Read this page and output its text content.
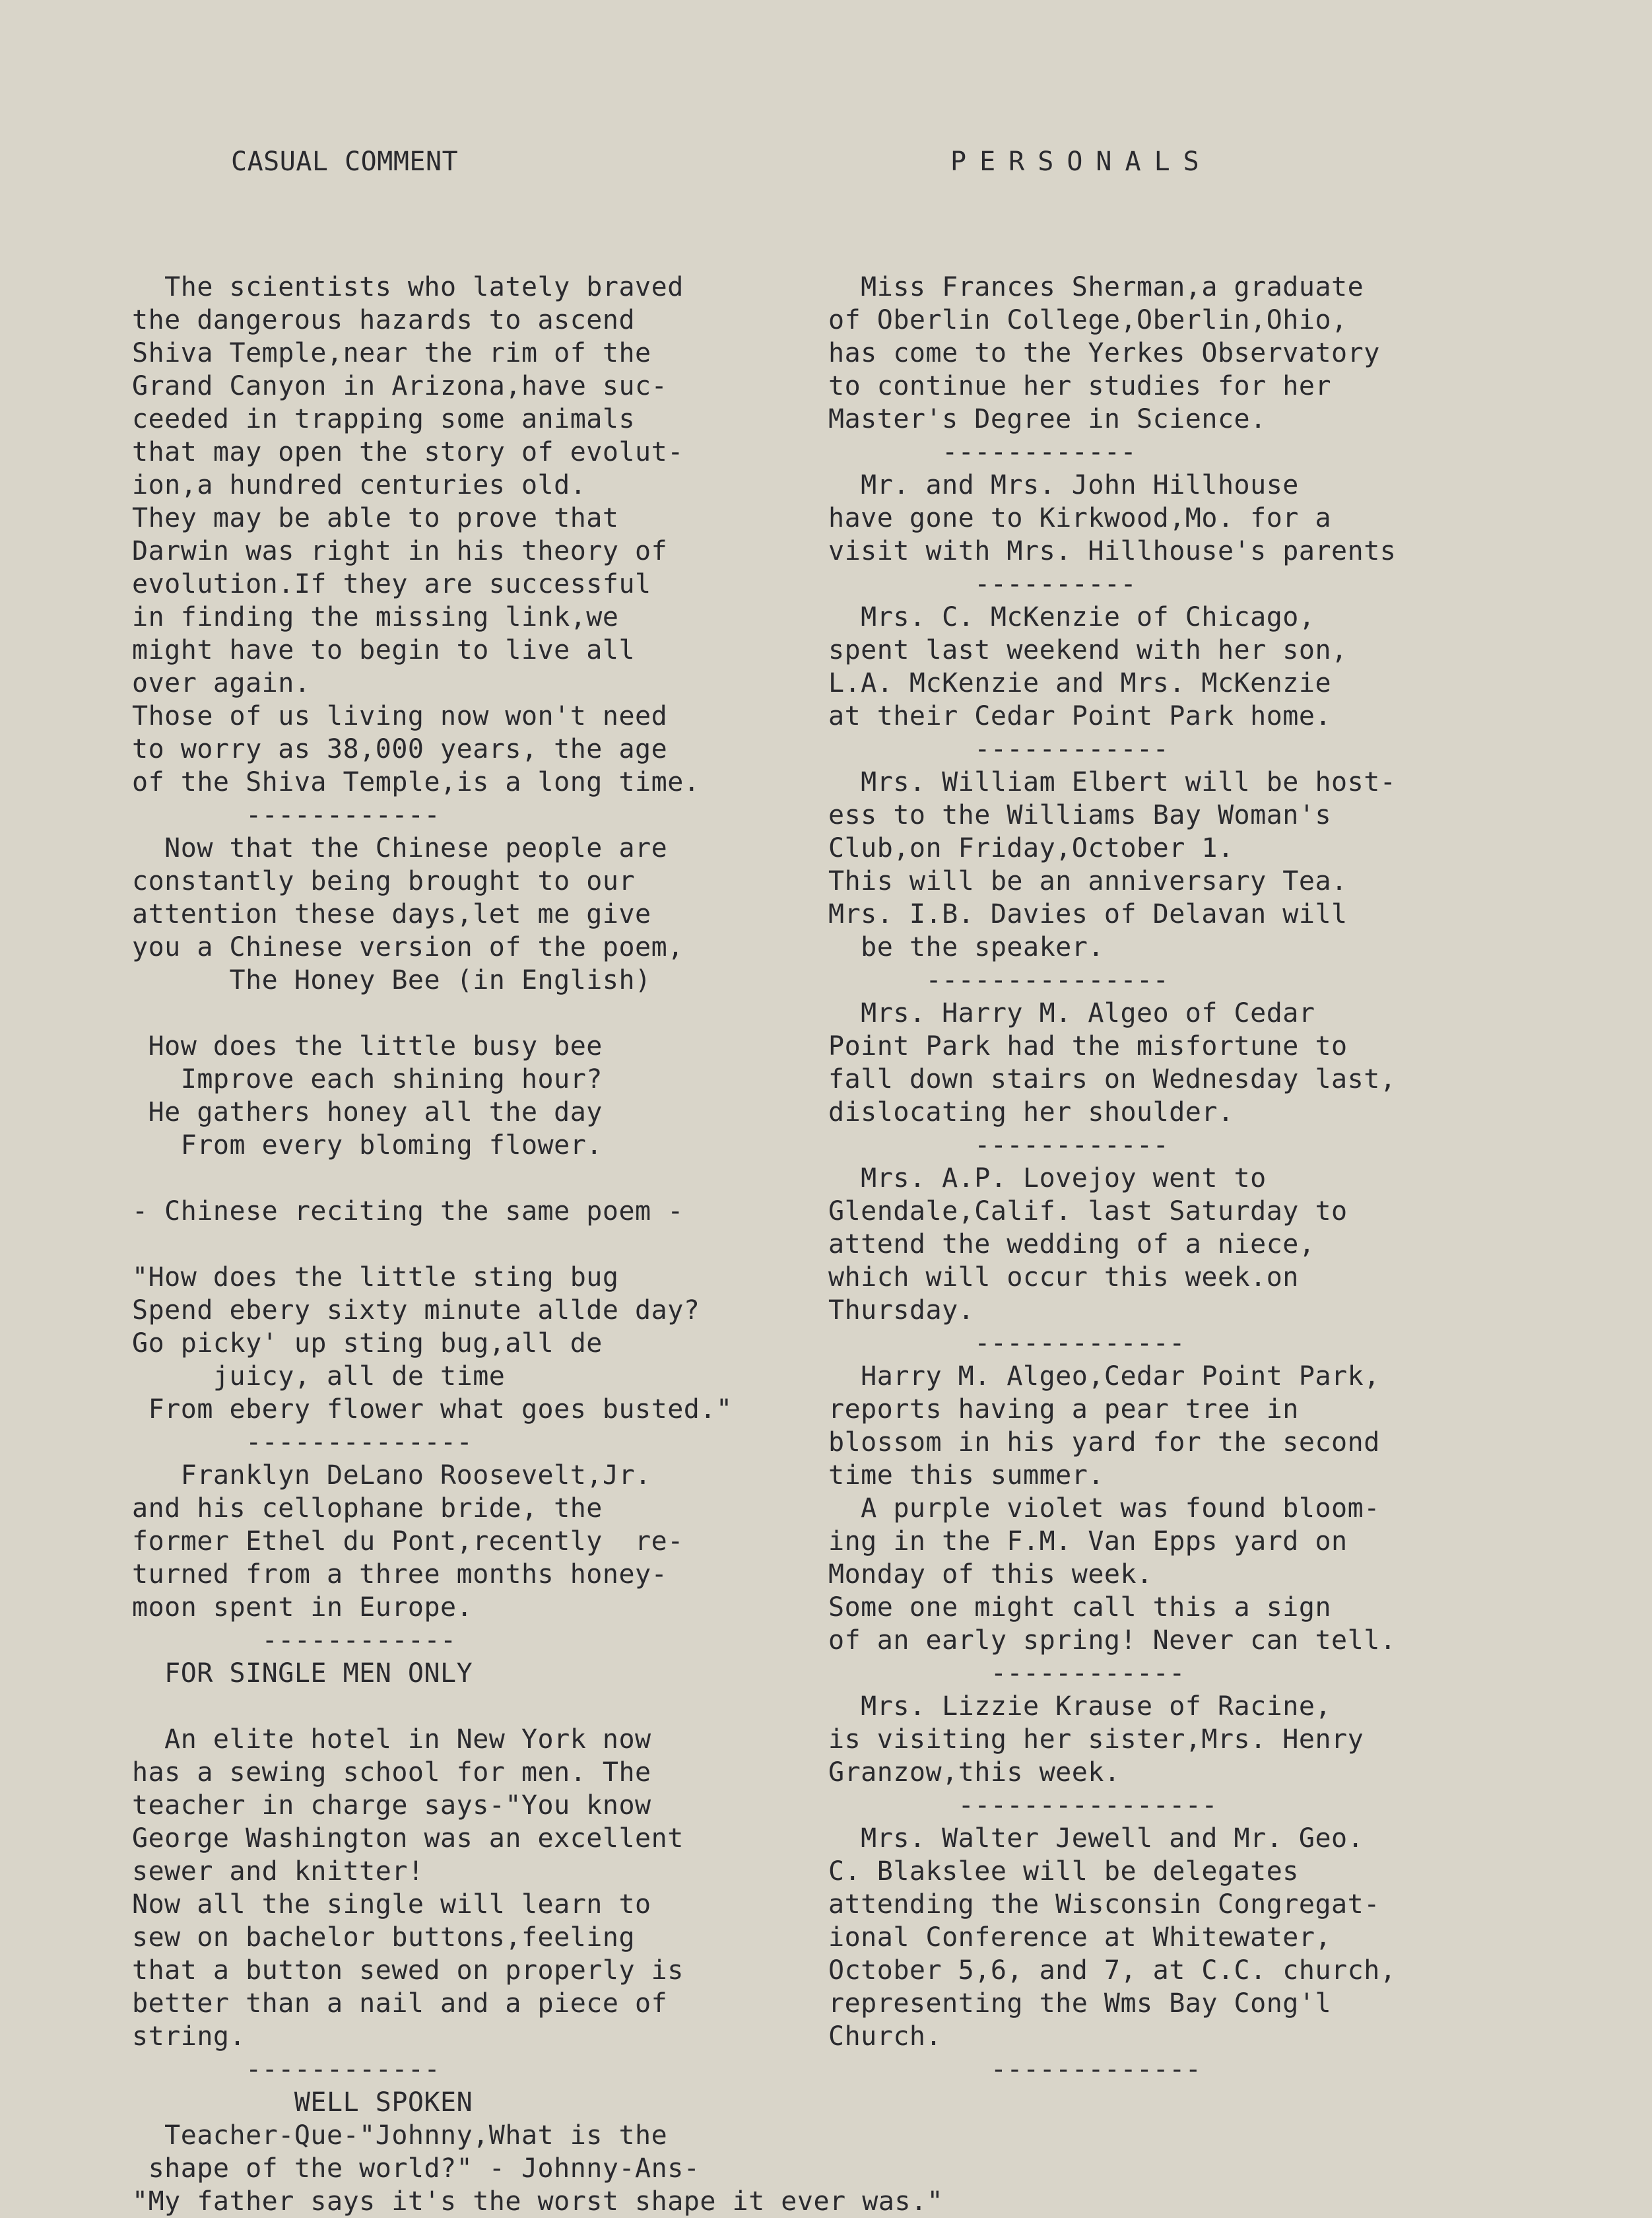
CASUAL COMMENT

The scientists who lately braved
the dangerous hazards to ascend
Shiva Temple,near the rim of the
Grand Canyon in Arizona,have suc-
ceeded in trapping some animals
that may open the story of evolut-
ion,a hundred centuries old.
They may be able to prove that
Darwin was right in his theory of
evolution.If they are successful
in finding the missing link,we
might have to begin to live all
over again.
Those of us living now won't need
to worry as 38,000 years, the age
of the Shiva Temple,is a long time.
------------
Now that the Chinese people are
constantly being brought to our
attention these days,let me give
you a Chinese version of the poem,
The Honey Bee (in English)

How does the little busy bee
Improve each shining hour?
He gathers honey all the day
From every bloming flower.

- Chinese reciting the same poem -

"How does the little sting bug
Spend ebery sixty minute allde day?
Go picky' up sting bug,all de
juicy, all de time
From ebery flower what goes busted."
--------------
Franklyn DeLano Roosevelt,Jr.
and his cellophane bride, the
former Ethel du Pont,recently  re-
turned from a three months honey-
moon spent in Europe.
------------
FOR SINGLE MEN ONLY

An elite hotel in New York now
has a sewing school for men. The
teacher in charge says-"You know
George Washington was an excellent
sewer and knitter!
Now all the single will learn to
sew on bachelor buttons,feeling
that a button sewed on properly is
better than a nail and a piece of
string.
------------
WELL SPOKEN
Teacher-Que-"Johnny,What is the
shape of the world?" - Johnny-Ans-
"My father says it's the worst shape it ever was."

PERSONALS

Miss Frances Sherman,a graduate
of Oberlin College,Oberlin,Ohio,
has come to the Yerkes Observatory
to continue her studies for her
Master's Degree in Science.
------------
Mr. and Mrs. John Hillhouse
have gone to Kirkwood,Mo. for a
visit with Mrs. Hillhouse's parents
----------
Mrs. C. McKenzie of Chicago,
spent last weekend with her son,
L.A. McKenzie and Mrs. McKenzie
at their Cedar Point Park home.
------------
Mrs. William Elbert will be host-
ess to the Williams Bay Woman's
Club,on Friday,October 1.
This will be an anniversary Tea.
Mrs. I.B. Davies of Delavan will
be the speaker.
---------------
Mrs. Harry M. Algeo of Cedar
Point Park had the misfortune to
fall down stairs on Wednesday last,
dislocating her shoulder.
------------
Mrs. A.P. Lovejoy went to
Glendale,Calif. last Saturday to
attend the wedding of a niece,
which will occur this week.on
Thursday.
-------------
Harry M. Algeo,Cedar Point Park,
reports having a pear tree in
blossom in his yard for the second
time this summer.
A purple violet was found bloom-
ing in the F.M. Van Epps yard on
Monday of this week.
Some one might call this a sign
of an early spring! Never can tell.
------------
Mrs. Lizzie Krause of Racine,
is visiting her sister,Mrs. Henry
Granzow,this week.
----------------
Mrs. Walter Jewell and Mr. Geo.
C. Blakslee will be delegates
attending the Wisconsin Congregat-
ional Conference at Whitewater,
October 5,6, and 7, at C.C. church,
representing the Wms Bay Cong'l
Church.
-------------
